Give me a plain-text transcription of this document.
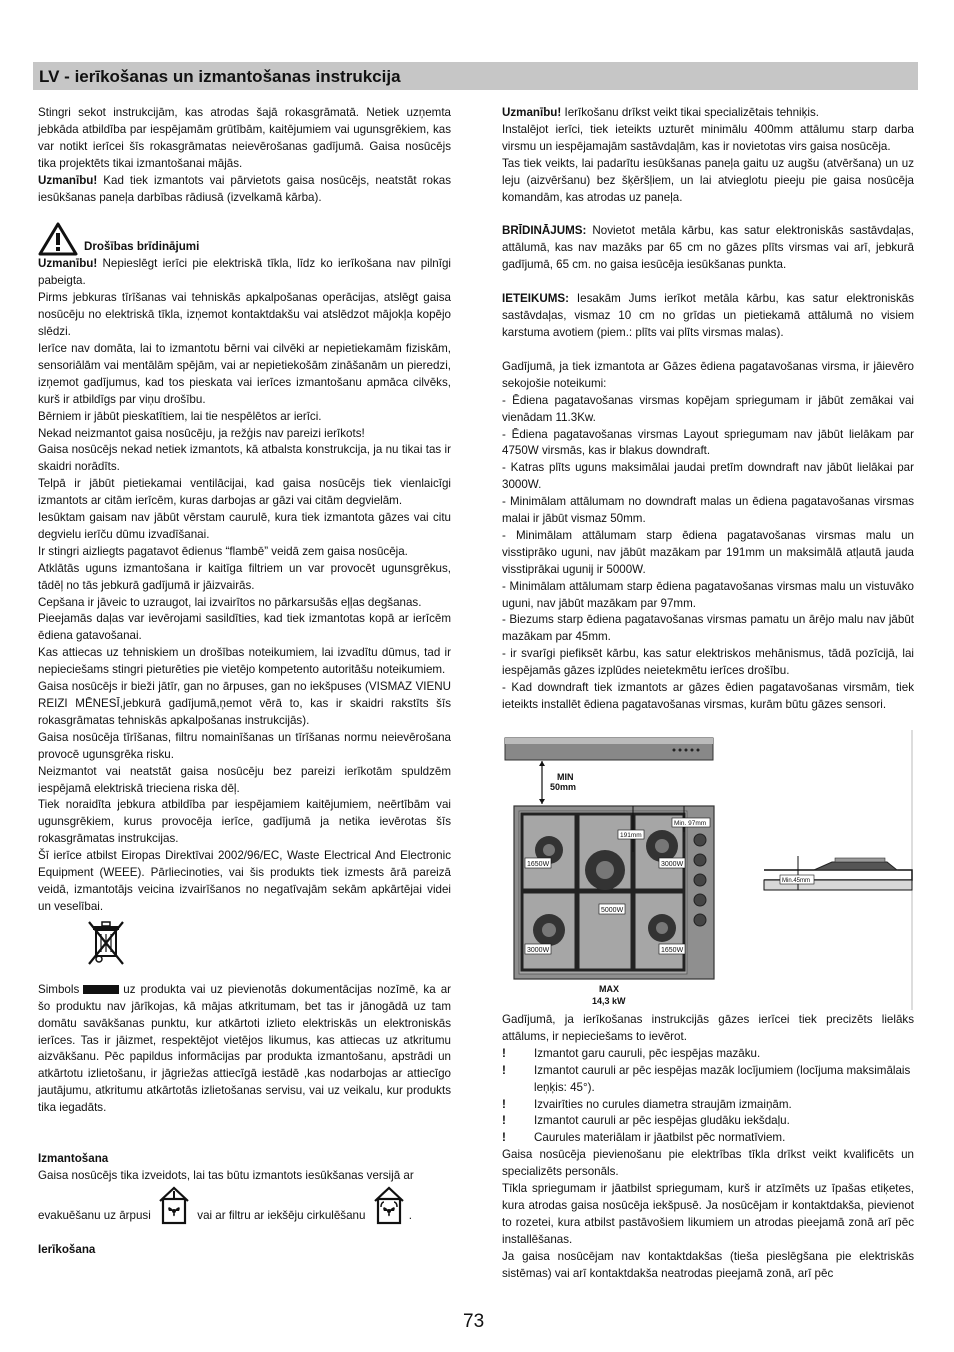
LV - ierīkošanas un izmantošanas instrukcija

Stingri sekot instrukcijām, kas atrodas šajā rokasgrāmatā. Netiek uzņemta jebkāda atbildība par iespējamām grūtībām, kaitējumiem vai ugunsgrēkiem, kas var notikt ierīcei šīs rokasgrāmatas neievērošanas gadījumā. Gaisa nosūcējs tika projektēts tikai izmantošanai mājās.

Uzmanību! Kad tiek izmantots vai pārvietots gaisa nosūcējs, neatstāt rokas iesūkšanas paneļa darbības rādiusā (izvelkamā kārba).

Drošības brīdinājumi

Uzmanību! Nepieslēgt ierīci pie elektriskā tīkla, līdz ko ierīkošana nav pilnīgi pabeigta.

Pirms jebkuras tīrīšanas vai tehniskās apkalpošanas operācijas, atslēgt gaisa nosūcēju no elektriskā tīkla, izņemot kontaktdakšu vai atslēdzot mājokļa kopējo slēdzi.

Ierīce nav domāta, lai to izmantotu bērni vai cilvēki ar nepietiekamām fiziskām, sensoriālām vai mentālām spējām, vai ar nepietiekošām zināšanām un pieredzi, izņemot gadījumus, kad tos pieskata vai ierīces izmantošanu apmāca cilvēks, kurš ir atbildīgs par viņu drošību.

Bērniem ir jābūt pieskatītiem, lai tie nespēlētos ar ierīci.

Nekad neizmantot gaisa nosūcēju, ja režģis nav pareizi ierīkots!

Gaisa nosūcējs nekad netiek izmantots, kā atbalsta konstrukcija, ja nu tikai tas ir skaidri norādīts.

Telpā ir jābūt pietiekamai ventilācijai, kad gaisa nosūcējs tiek vienlaicīgi izmantots ar citām ierīcēm, kuras darbojas ar gāzi vai citām degvielām.

Iesūktam gaisam nav jābūt vērstam caurulē, kura tiek izmantota gāzes vai citu degvielu ierīču dūmu izvadīšanai.

Ir stingri aizliegts pagatavot ēdienus “flambē” veidā zem gaisa nosūcēja.

Atklātās uguns izmantošana ir kaitīga filtriem un var provocēt ugunsgrēkus, tādēļ no tās jebkurā gadījumā ir jāizvairās.

Cepšana ir jāveic to uzraugot, lai izvairītos no pārkarsušās eļļas degšanas.

Pieejamās daļas var ievērojami sasildīties, kad tiek izmantotas kopā ar ierīcēm ēdiena gatavošanai.

Kas attiecas uz tehniskiem un drošības noteikumiem, lai izvadītu dūmus, tad ir nepieciešams stingri pieturēties pie vietējo kompetento autoritāšu noteikumiem.

Gaisa nosūcējs ir bieži jātīr, gan no ārpuses, gan no iekšpuses (VISMAZ VIENU REIZI MĒNESĪ,jebkurā gadījumā,ņemot vērā to, kas ir skaidri rakstīts šīs rokasgrāmatas tehniskās apkalpošanas instrukcijās).

Gaisa nosūcēja tīrīšanas, filtru nomainīšanas un tīrīšanas normu neievērošana provocē ugunsgrēka risku.

Neizmantot vai neatstāt gaisa nosūcēju bez pareizi ierīkotām spuldzēm iespējamā elektriskā trieciena riska dēļ.

Tiek noraidīta jebkura atbildība par iespējamiem kaitējumiem, neērtībām vai ugunsgrēkiem, kurus provocēja ierīce, gadījumā ja netika ievērotas šīs rokasgrāmatas instrukcijas.

Šī ierīce atbilst Eiropas Direktīvai 2002/96/EC, Waste Electrical And Electronic Equipment (WEEE). Pārliecinoties, vai šis produkts tiek izmests ārā pareizā veidā, izmantotājs veicina izvairīšanos no negatīvajām sekām apkārtējai videi un veselībai.

Simbols	uz produkta vai uz pievienotās dokumentācijas nozīmē, ka ar šo produktu nav jārīkojas, kā mājas atkritumam, bet tas ir jānogādā uz tam domātu savākšanas punktu, kur atkārtoti izlieto elektriskās un elektroniskās ierīces. Tas ir jāizmet, respektējot vietējos likumus, kas attiecas uz atkritumu aizvākšanu. Pēc papildus informācijas par produkta izmantošanu, apstrādi un atkārtotu izlietošanu, ir jāgriežas attiecīgā iestādē ,kas nodarbojas ar attiecīgo jautājumu, atkritumu atkārtotās izlietošanas servisu, vai uz veikalu, kur produkts tika iegadāts.

Izmantošana

Gaisa nosūcējs tika izveidots, lai tas būtu izmantots iesūkšanas versijā ar

evakuēšanu uz ārpusi	vai ar filtru ar iekšēju cirkulēšanu	.

Ierīkošana

Uzmanību! Ierīkošanu drīkst veikt tikai specializētais tehniķis.

Instalējot ierīci, tiek ieteikts uzturēt minimālu 400mm attālumu starp darba virsmu un iespējamajām sastāvdaļām, kas ir novietotas virs gaisa nosūcēja.

Tas tiek veikts, lai padarītu iesūkšanas paneļa gaitu uz augšu (atvēršana) un uz leju (aizvēršanu) bez šķēršļiem, un lai atvieglotu pieeju pie gaisa nosūcēja komandām, kas atrodas uz paneļa.

BRĪDINĀJUMS: Novietot metāla kārbu, kas satur elektroniskās sastāvdaļas, attālumā, kas nav mazāks par 65 cm no gāzes plīts virsmas vai arī, jebkurā gadījumā, 65 cm. no gaisa iesūcēja iesūkšanas punkta.

IETEIKUMS: Iesakām Jums ierīkot metāla kārbu, kas satur elektroniskās sastāvdaļas, vismaz 10 cm no grīdas un pietiekamā attālumā no visiem karstuma avotiem (piem.: plīts vai plīts virsmas malas).

Gadījumā, ja tiek izmantota ar Gāzes ēdiena pagatavošanas virsma, ir jāievēro sekojošie noteikumi:

- Ēdiena pagatavošanas virsmas kopējam spriegumam ir jābūt zemākai vai vienādam 11.3Kw.

- Ēdiena pagatavošanas virsmas Layout spriegumam nav jābūt lielākam par 4750W virsmās, kas ir blakus downdraft.

- Katras plīts uguns maksimālai jaudai pretīm downdraft nav jābūt lielākai par 3000W.

- Minimālam attālumam no downdraft malas un ēdiena pagatavošanas virsmas malai ir jābūt vismaz 50mm.

- Minimālam attālumam starp ēdiena pagatavošanas virsmas malu un visstiprāko uguni, nav jābūt mazākam par 191mm un maksimālā atļautā jauda visstiprākai ugunij ir 5000W.

- Minimālam attālumam starp ēdiena pagatavošanas virsmas malu un vistuvāko uguni, nav jābūt mazākam par 97mm.

- Biezums starp ēdiena pagatavošanas virsmas pamatu un ārējo malu nav jābūt mazākam par 45mm.

- ir svarīgi piefiksēt kārbu, kas satur elektriskos mehānismus, tādā pozīcijā, lai iespējamās gāzes izplūdes neietekmētu ierīces drošību.

- Kad downdraft tiek izmantots ar gāzes ēdien pagatavošanas virsmām, tiek ieteikts installēt ēdiena pagatavošanas virsmas, kurām būtu gāzes sensori.

MIN
50mm
191mm
Min. 97mm
1650W	3000W
3000W
5000W
1650W
MAX
14,3 kW
Min.45mm

Gadījumā, ja ierīkošanas instrukcijās gāzes ierīcei tiek precizēts lielāks attālums, ir nepieciešams to ievērot.

!	Izmantot garu cauruli, pēc iespējas mazāku.
!	Izmantot cauruli ar pēc iespējas mazāk locījumiem (locījuma maksimālais leņķis: 45°).
!	Izvairīties no curules diametra straujām izmaiņām.
!	Izmantot cauruli ar pēc iespējas gludāku iekšdaļu.
!	Caurules materiālam ir jāatbilst pēc normatīviem.

Gaisa nosūcēja pievienošanu pie elektrības tīkla drīkst veikt kvalificēts un specializēts personāls.

Tīkla spriegumam ir jāatbilst spriegumam, kurš ir atzīmēts uz īpašas etiķetes, kura atrodas gaisa nosūcēja iekšpusē. Ja nosūcējam ir kontaktdakša, pievienot to rozetei, kura atbilst pastāvošiem likumiem un atrodas pieejamā zonā arī pēc installēšanas.

Ja gaisa nosūcējam nav kontaktdakšas (tieša pieslēgšana pie elektriskās sistēmas) vai arī kontaktdakša neatrodas pieejamā zonā, arī pēc

73
